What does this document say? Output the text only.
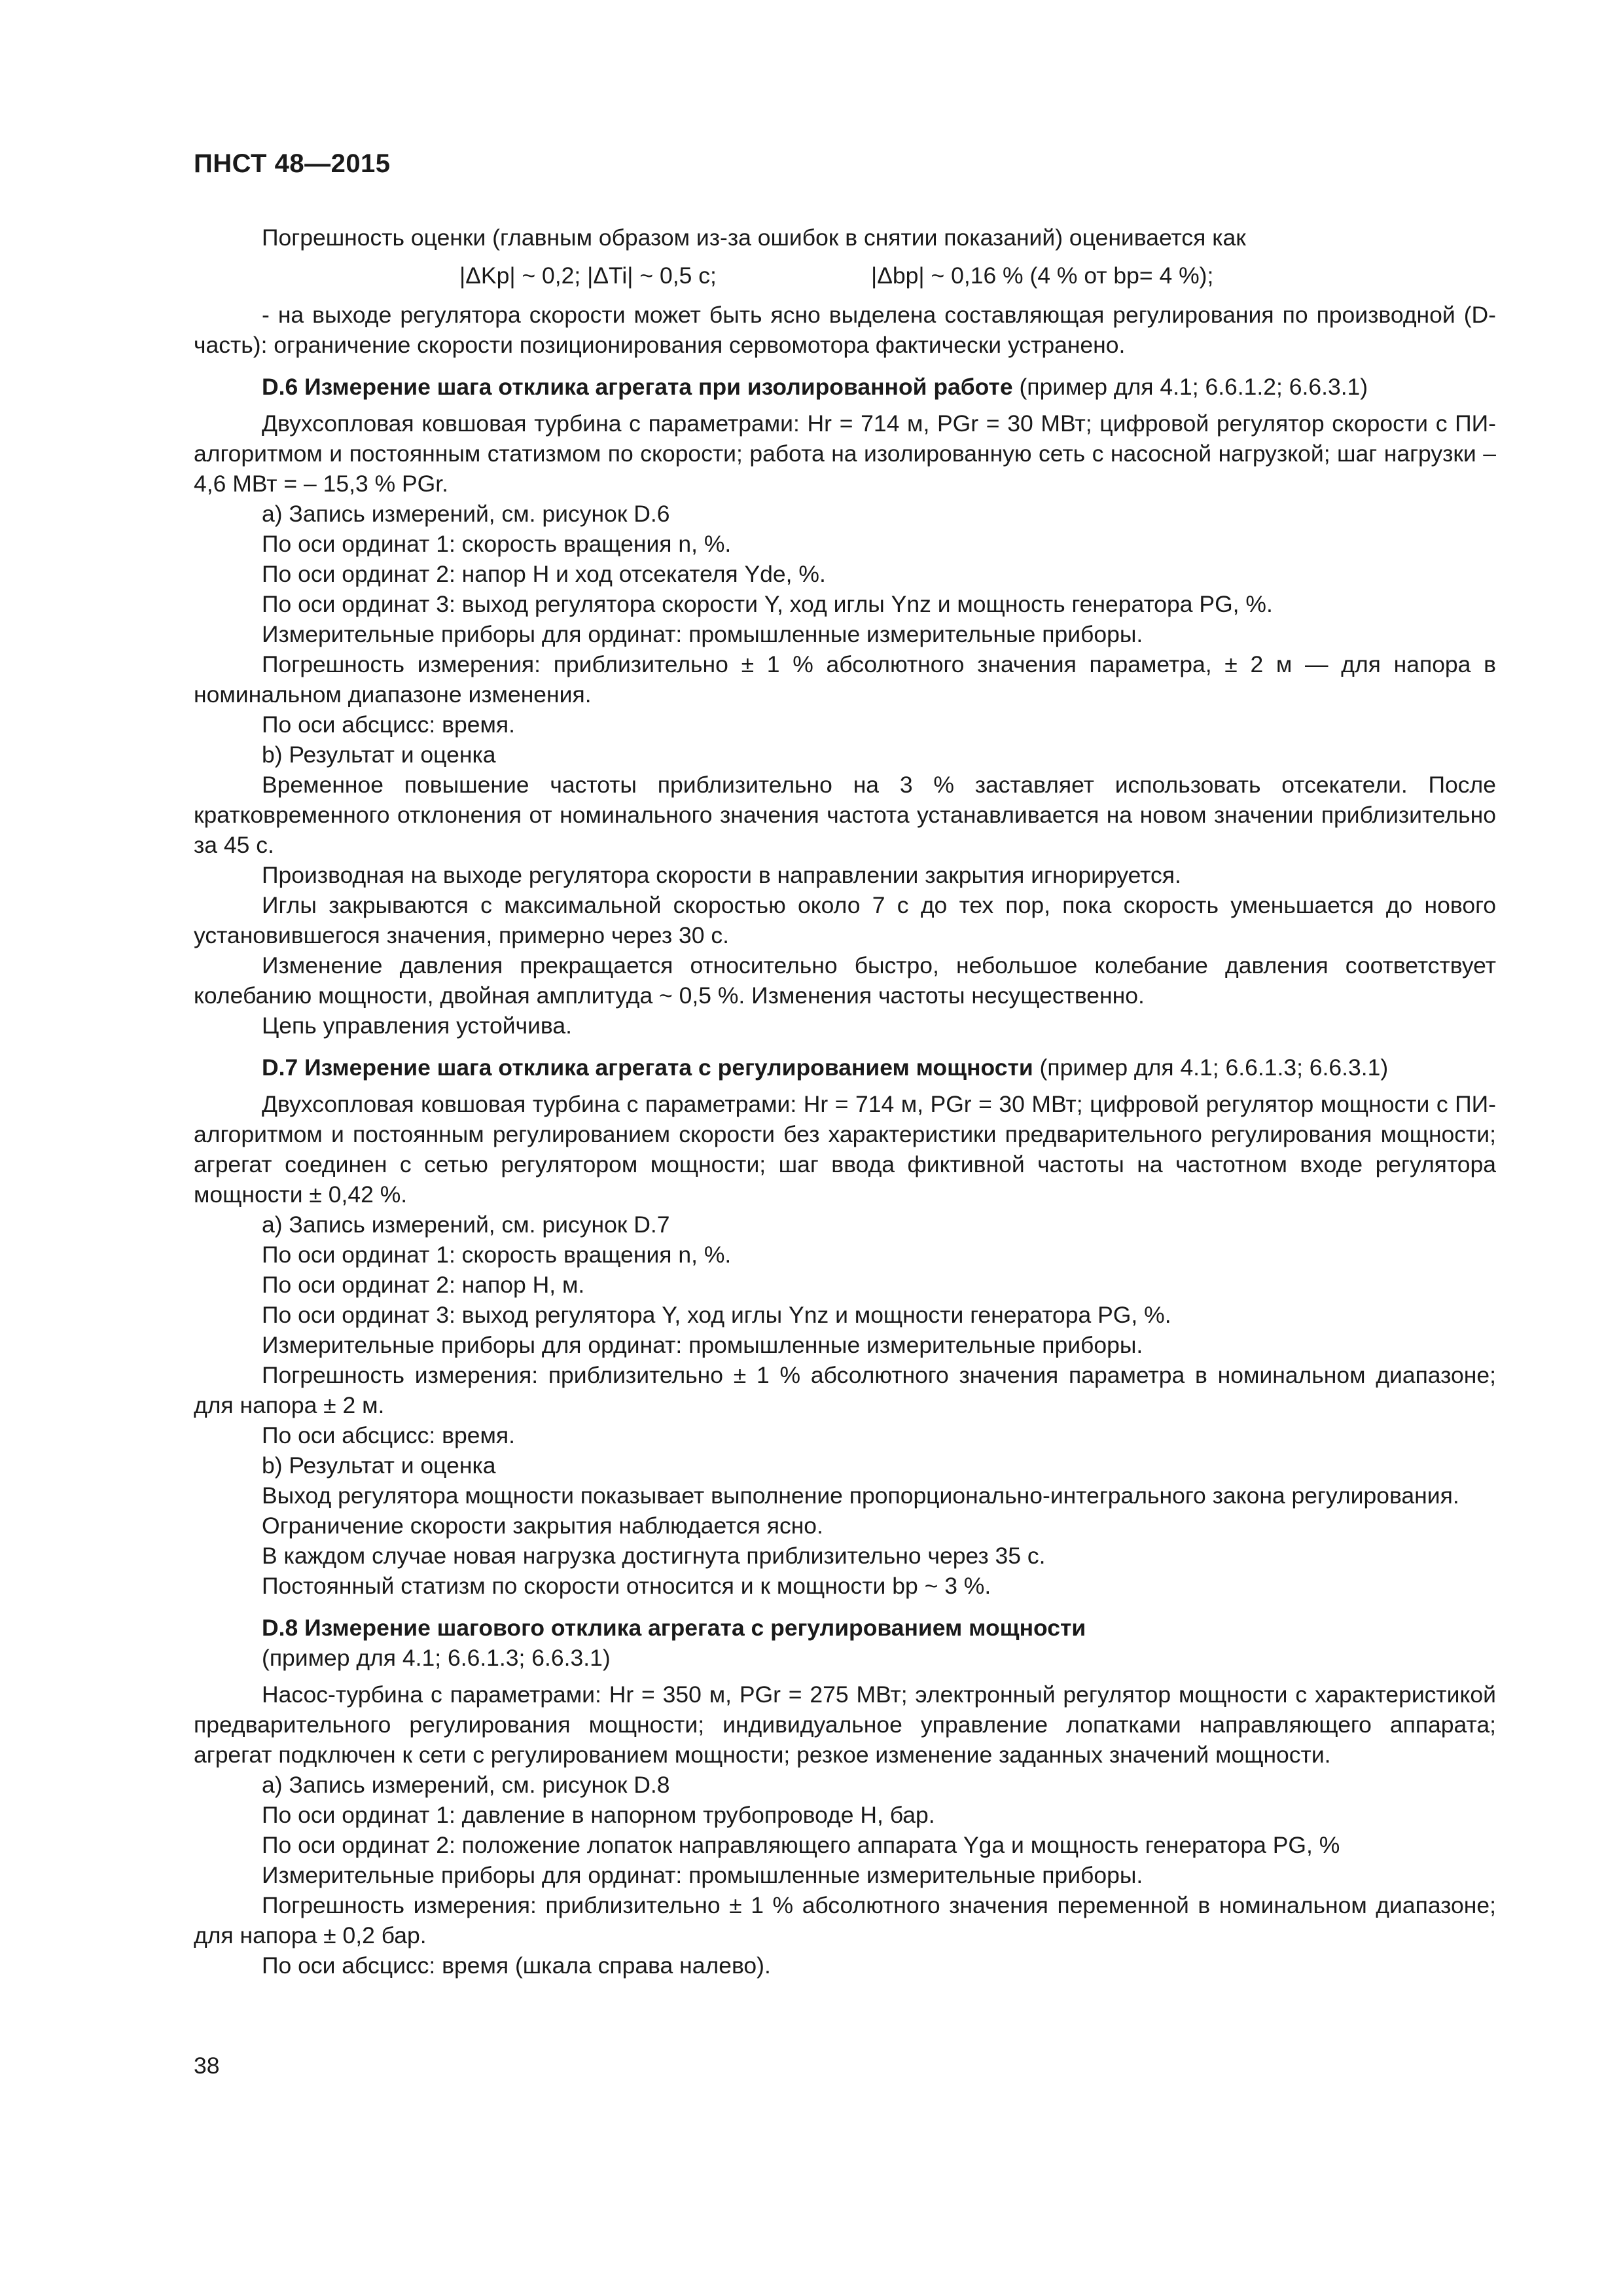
ПНСТ 48—2015

Погрешность оценки (главным образом из-за ошибок в снятии показаний) оценивается как

|ΔKp| ~ 0,2; |ΔTi| ~ 0,5 c;	|Δbp| ~ 0,16 % (4 % от bp= 4 %);

- на выходе регулятора скорости может быть ясно выделена составляющая регулирования по производной (D-часть): ограничение скорости позиционирования сервомотора фактически устранено.

D.6 Измерение шага отклика агрегата при изолированной работе (пример для 4.1; 6.6.1.2; 6.6.3.1)

Двухсопловая ковшовая турбина с параметрами: Hr = 714 м, PGr = 30 МВт; цифровой регулятор скорости с ПИ-алгоритмом и постоянным статизмом по скорости; работа на изолированную сеть с насосной нагрузкой; шаг нагрузки – 4,6 МВт = – 15,3 % PGr.

а) Запись измерений, см. рисунок D.6

По оси ординат 1: скорость вращения n, %.

По оси ординат 2: напор H и ход отсекателя Yde, %.

По оси ординат 3: выход регулятора скорости Y, ход иглы Ynz и мощность генератора PG, %.

Измерительные приборы для ординат: промышленные измерительные приборы.

Погрешность измерения: приблизительно ± 1 % абсолютного значения параметра, ± 2 м — для напора в номинальном диапазоне изменения.

По оси абсцисс: время.

b) Результат и оценка

Временное повышение частоты приблизительно на 3 % заставляет использовать отсекатели. После кратковременного отклонения от номинального значения частота устанавливается на новом значении приблизительно за 45 с.

Производная на выходе регулятора скорости в направлении закрытия игнорируется.

Иглы закрываются с максимальной скоростью около 7 с до тех пор, пока скорость уменьшается до нового установившегося значения, примерно через 30 с.

Изменение давления прекращается относительно быстро, небольшое колебание давления соответствует колебанию мощности, двойная амплитуда ~ 0,5 %. Изменения частоты несущественно.

Цепь управления устойчива.

D.7 Измерение шага отклика агрегата с регулированием мощности (пример для 4.1; 6.6.1.3; 6.6.3.1)

Двухсопловая ковшовая турбина с параметрами: Hr = 714 м, PGr = 30 МВт; цифровой регулятор мощности с ПИ-алгоритмом и постоянным регулированием скорости без характеристики предварительного регулирования мощности; агрегат соединен с сетью регулятором мощности; шаг ввода фиктивной частоты на частотном входе регулятора мощности ± 0,42 %.

а) Запись измерений, см. рисунок D.7

По оси ординат 1: скорость вращения n, %.

По оси ординат 2: напор H, м.

По оси ординат 3: выход регулятора Y, ход иглы Ynz и мощности генератора PG, %.

Измерительные приборы для ординат: промышленные измерительные приборы.

Погрешность измерения: приблизительно ± 1 % абсолютного значения параметра в номинальном диапазоне; для напора ± 2 м.

По оси абсцисс: время.

b) Результат и оценка

Выход регулятора мощности показывает выполнение пропорционально-интегрального закона регулирования.

Ограничение скорости закрытия наблюдается ясно.

В каждом случае новая нагрузка достигнута приблизительно через 35 с.

Постоянный статизм по скорости относится и к мощности bp ~ 3 %.

D.8 Измерение шагового отклика агрегата с регулированием мощности

(пример для 4.1; 6.6.1.3; 6.6.3.1)

Насос-турбина с параметрами: Hr = 350 м, PGr = 275 МВт; электронный регулятор мощности с характеристикой предварительного регулирования мощности; индивидуальное управление лопатками направляющего аппарата; агрегат подключен к сети с регулированием мощности; резкое изменение заданных значений мощности.

а) Запись измерений, см. рисунок D.8

По оси ординат 1: давление в напорном трубопроводе H, бар.

По оси ординат 2: положение лопаток направляющего аппарата Yga и мощность генератора PG, %

Измерительные приборы для ординат: промышленные измерительные приборы.

Погрешность измерения: приблизительно ± 1 % абсолютного значения переменной в номинальном диапазоне; для напора ± 0,2 бар.

По оси абсцисс: время (шкала справа налево).

38
